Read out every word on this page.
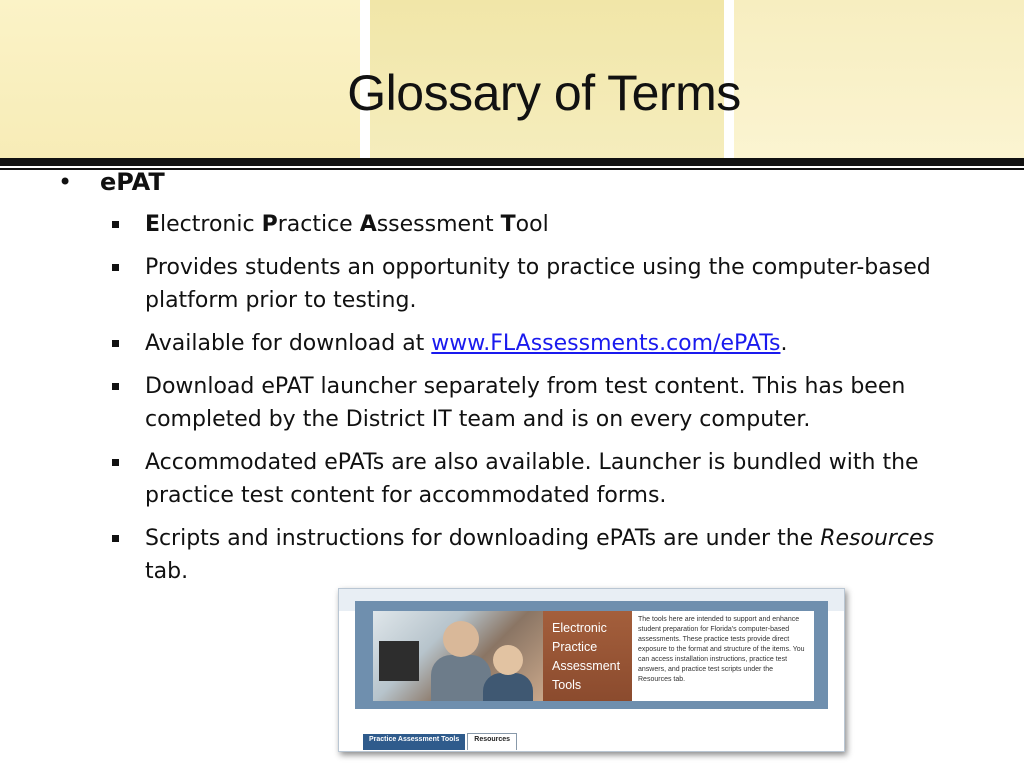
Glossary of Terms
• ePAT
Electronic Practice Assessment Tool
Provides students an opportunity to practice using the computer-based platform prior to testing.
Available for download at www.FLAssessments.com/ePATs.
Download ePAT launcher separately from test content. This has been completed by the District IT team and is on every computer.
Accommodated ePATs are also available. Launcher is bundled with the practice test content for accommodated forms.
Scripts and instructions for downloading ePATs are under the Resources tab.
Electronic
Practice
Assessment
Tools
The tools here are intended to support and enhance student preparation for Florida's computer-based assessments. These practice tests provide direct exposure to the format and structure of the items. You can access installation instructions, practice test answers, and practice test scripts under the Resources tab.
Practice Assessment Tools Resources
